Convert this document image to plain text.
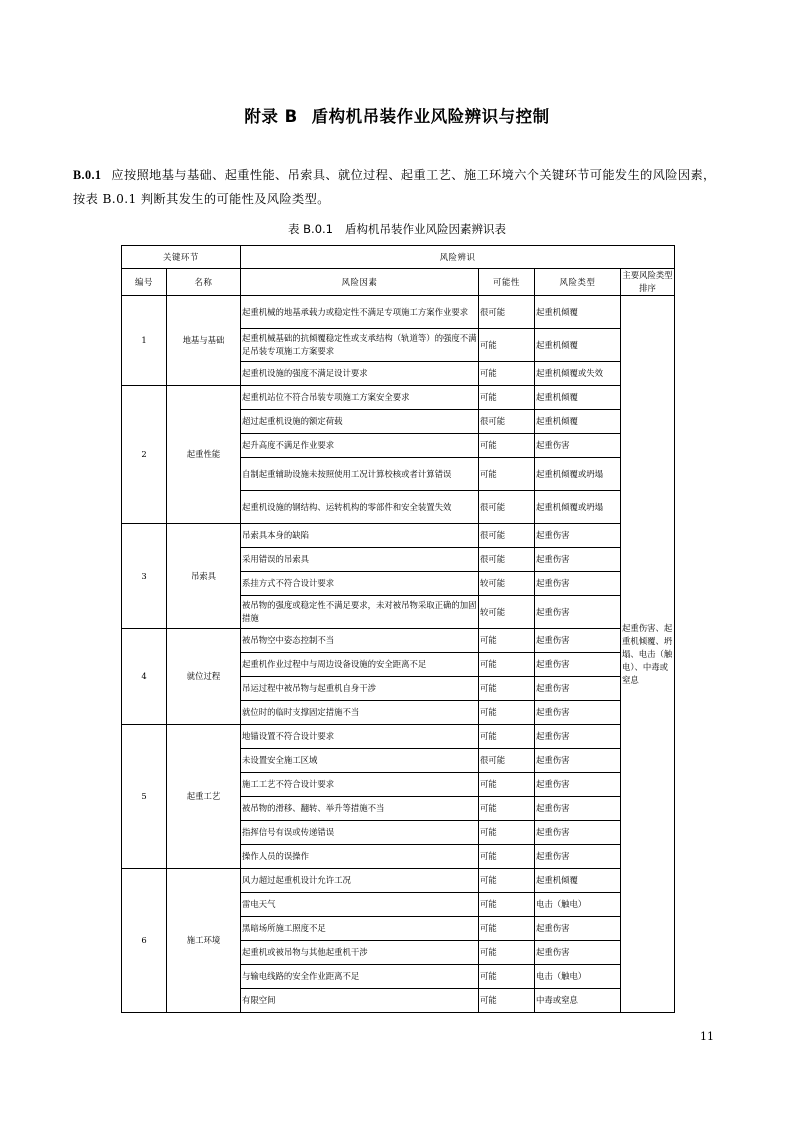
附录 B 盾构机吊装作业风险辨识与控制
B.0.1 应按照地基与基础、起重性能、吊索具、就位过程、起重工艺、施工环境六个关键环节可能发生的风险因素，按表 B.0.1 判断其发生的可能性及风险类型。
表 B.0.1 盾构机吊装作业风险因素辨识表
关键环节		风险辨识			
编号	名称	风险因素	可能性	风险类型	主要风险类型排序
1	地基与基础	起重机械的地基承载力或稳定性不满足专项施工方案作业要求	很可能	起重机倾覆	起重伤害、起重机倾覆、坍塌、电击（触电）、中毒或窒息
		起重机械基础的抗倾覆稳定性或支承结构（轨道等）的强度不满足吊装专项施工方案要求	可能	起重机倾覆	
		起重机设施的强度不满足设计要求	可能	起重机倾覆或失效	
2	起重性能	起重机站位不符合吊装专项施工方案安全要求	可能	起重机倾覆	
		超过起重机设施的额定荷载	很可能	起重机倾覆	
		起升高度不满足作业要求	可能	起重伤害	
		自制起重辅助设施未按照使用工况计算校核或者计算错误	可能	起重机倾覆或坍塌	
		起重机设施的钢结构、运转机构的零部件和安全装置失效	很可能	起重机倾覆或坍塌	
3	吊索具	吊索具本身的缺陷	很可能	起重伤害	
		采用错误的吊索具	很可能	起重伤害	
		系挂方式不符合设计要求	较可能	起重伤害	
		被吊物的强度或稳定性不满足要求，未对被吊物采取正确的加固措施	较可能	起重伤害	
4	就位过程	被吊物空中姿态控制不当	可能	起重伤害	
		起重机作业过程中与周边设备设施的安全距离不足	可能	起重伤害	
		吊运过程中被吊物与起重机自身干涉	可能	起重伤害	
		就位时的临时支撑固定措施不当	可能	起重伤害	
5	起重工艺	地锚设置不符合设计要求	可能	起重伤害	
		未设置安全施工区域	很可能	起重伤害	
		施工工艺不符合设计要求	可能	起重伤害	
		被吊物的滑移、翻转、举升等措施不当	可能	起重伤害	
		指挥信号有误或传递错误	可能	起重伤害	
		操作人员的误操作	可能	起重伤害	
6	施工环境	风力超过起重机设计允许工况	可能	起重机倾覆	
		雷电天气	可能	电击（触电）	
		黑暗场所施工照度不足	可能	起重伤害	
		起重机或被吊物与其他起重机干涉	可能	起重伤害	
		与输电线路的安全作业距离不足	可能	电击（触电）	
		有限空间	可能	中毒或窒息	
11
